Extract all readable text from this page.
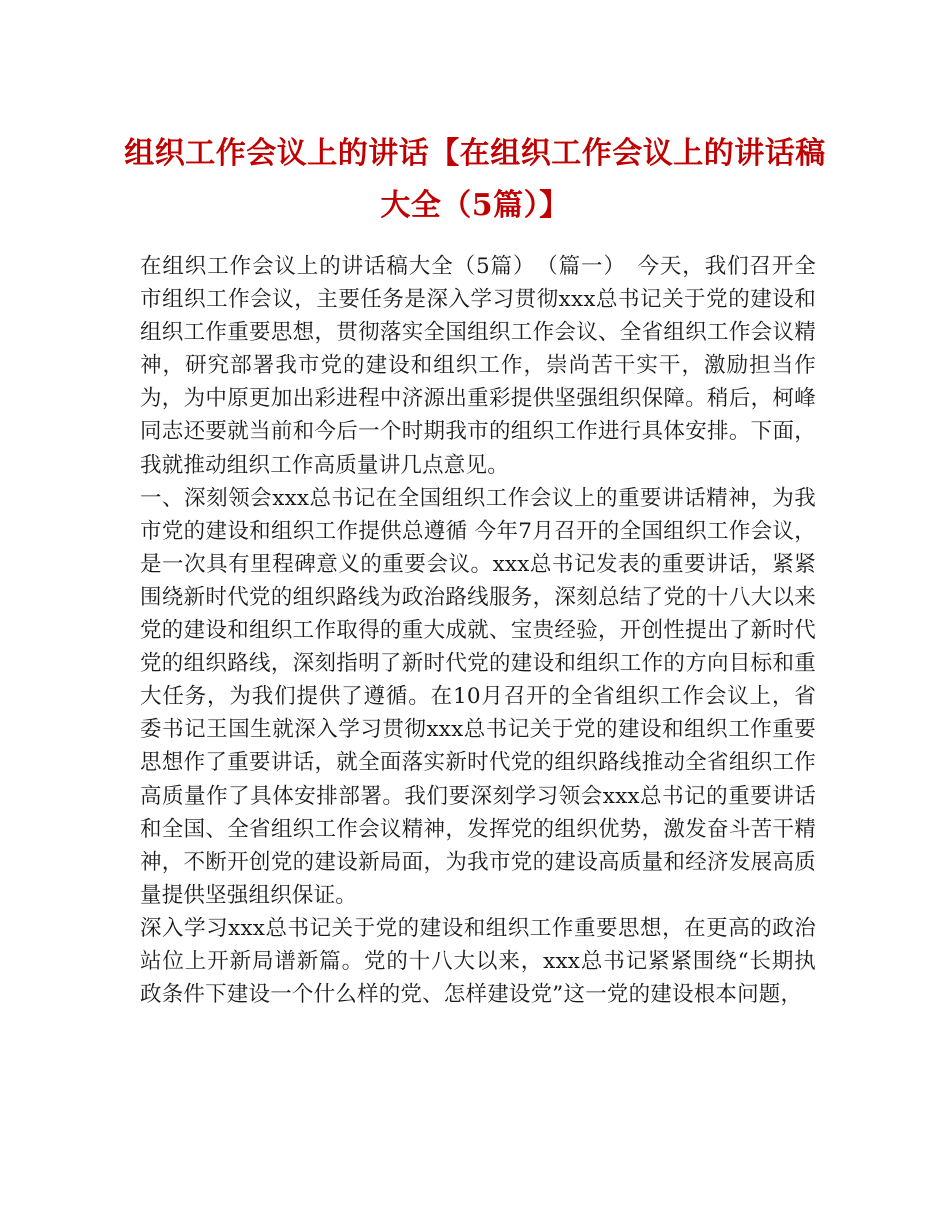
组织工作会议上的讲话【在组织工作会议上的讲话稿大全（5篇）】

在组织工作会议上的讲话稿大全（5篇）　（篇一）　今天，我们召开全市组织工作会议，主要任务是深入学习贯彻xxx总书记关于党的建设和组织工作重要思想，贯彻落实全国组织工作会议、全省组织工作会议精神，研究部署我市党的建设和组织工作，崇尚苦干实干，激励担当作为，为中原更加出彩进程中济源出重彩提供坚强组织保障。稍后，柯峰同志还要就当前和今后一个时期我市的组织工作进行具体安排。下面，我就推动组织工作高质量讲几点意见。

一、深刻领会xxx总书记在全国组织工作会议上的重要讲话精神，为我市党的建设和组织工作提供总遵循 今年7月召开的全国组织工作会议，是一次具有里程碑意义的重要会议。xxx总书记发表的重要讲话，紧紧围绕新时代党的组织路线为政治路线服务，深刻总结了党的十八大以来党的建设和组织工作取得的重大成就、宝贵经验，开创性提出了新时代党的组织路线，深刻指明了新时代党的建设和组织工作的方向目标和重大任务，为我们提供了遵循。在10月召开的全省组织工作会议上，省委书记王国生就深入学习贯彻xxx总书记关于党的建设和组织工作重要思想作了重要讲话，就全面落实新时代党的组织路线推动全省组织工作高质量作了具体安排部署。我们要深刻学习领会xxx总书记的重要讲话和全国、全省组织工作会议精神，发挥党的组织优势，激发奋斗苦干精神，不断开创党的建设新局面，为我市党的建设高质量和经济发展高质量提供坚强组织保证。

深入学习xxx总书记关于党的建设和组织工作重要思想，在更高的政治站位上开新局谱新篇。党的十八大以来，xxx总书记紧紧围绕“长期执政条件下建设一个什么样的党、怎样建设党”这一党的建设根本问题，
